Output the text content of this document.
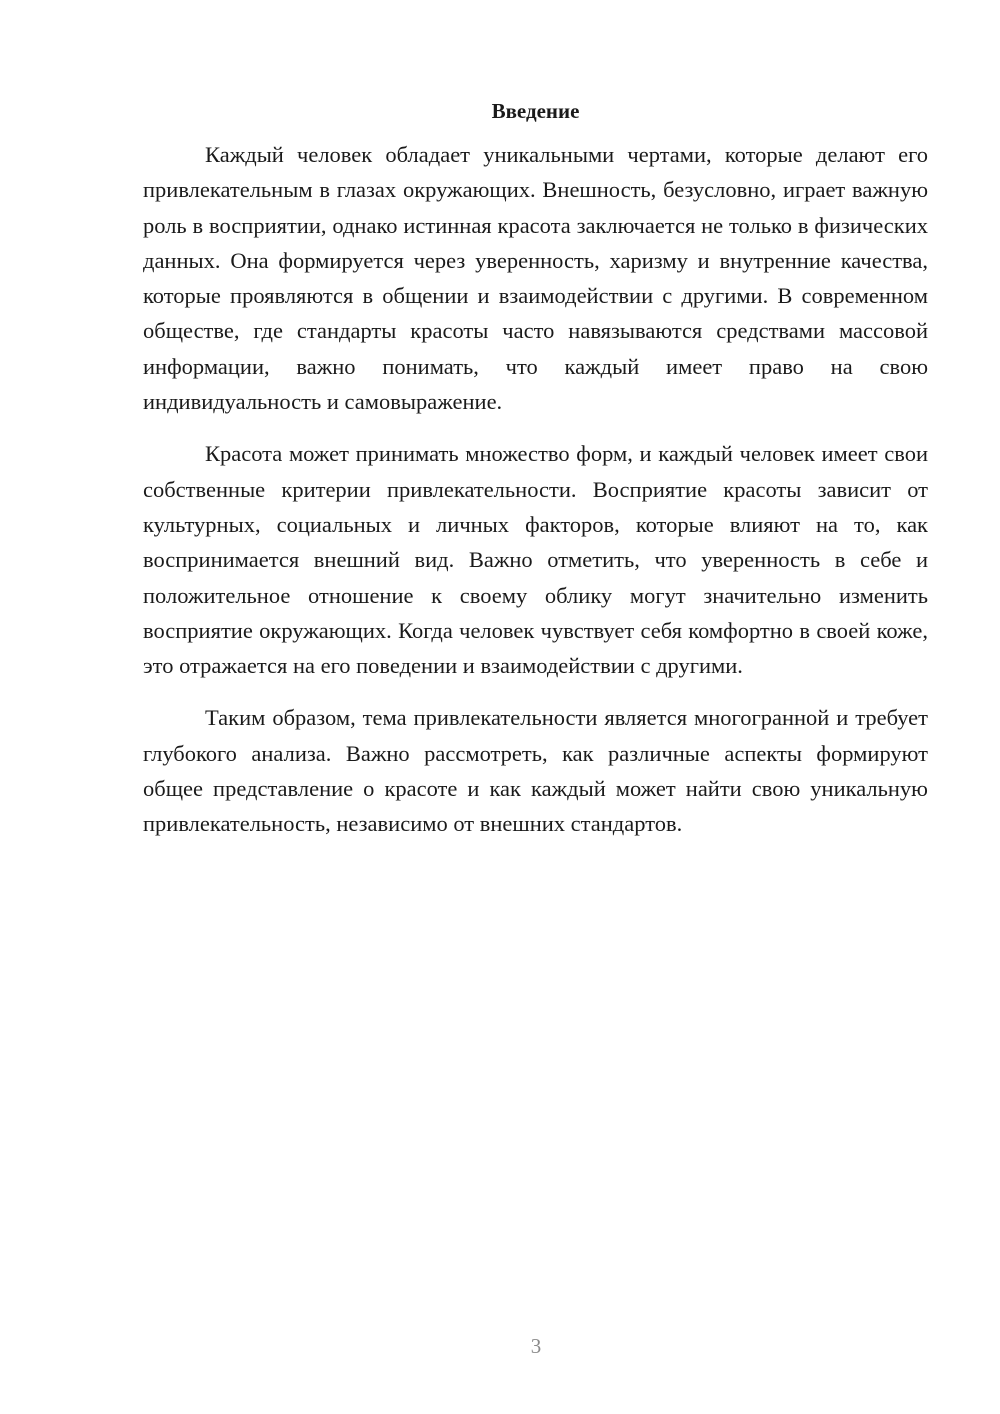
Введение

Каждый человек обладает уникальными чертами, которые делают его привлекательным в глазах окружающих. Внешность, безусловно, играет важную роль в восприятии, однако истинная красота заключается не только в физических данных. Она формируется через уверенность, харизму и внутренние качества, которые проявляются в общении и взаимодействии с другими. В современном обществе, где стандарты красоты часто навязываются средствами массовой информации, важно понимать, что каждый имеет право на свою индивидуальность и самовыражение.

Красота может принимать множество форм, и каждый человек имеет свои собственные критерии привлекательности. Восприятие красоты зависит от культурных, социальных и личных факторов, которые влияют на то, как воспринимается внешний вид. Важно отметить, что уверенность в себе и положительное отношение к своему облику могут значительно изменить восприятие окружающих. Когда человек чувствует себя комфортно в своей коже, это отражается на его поведении и взаимодействии с другими.

Таким образом, тема привлекательности является многогранной и требует глубокого анализа. Важно рассмотреть, как различные аспекты формируют общее представление о красоте и как каждый может найти свою уникальную привлекательность, независимо от внешних стандартов.

3
